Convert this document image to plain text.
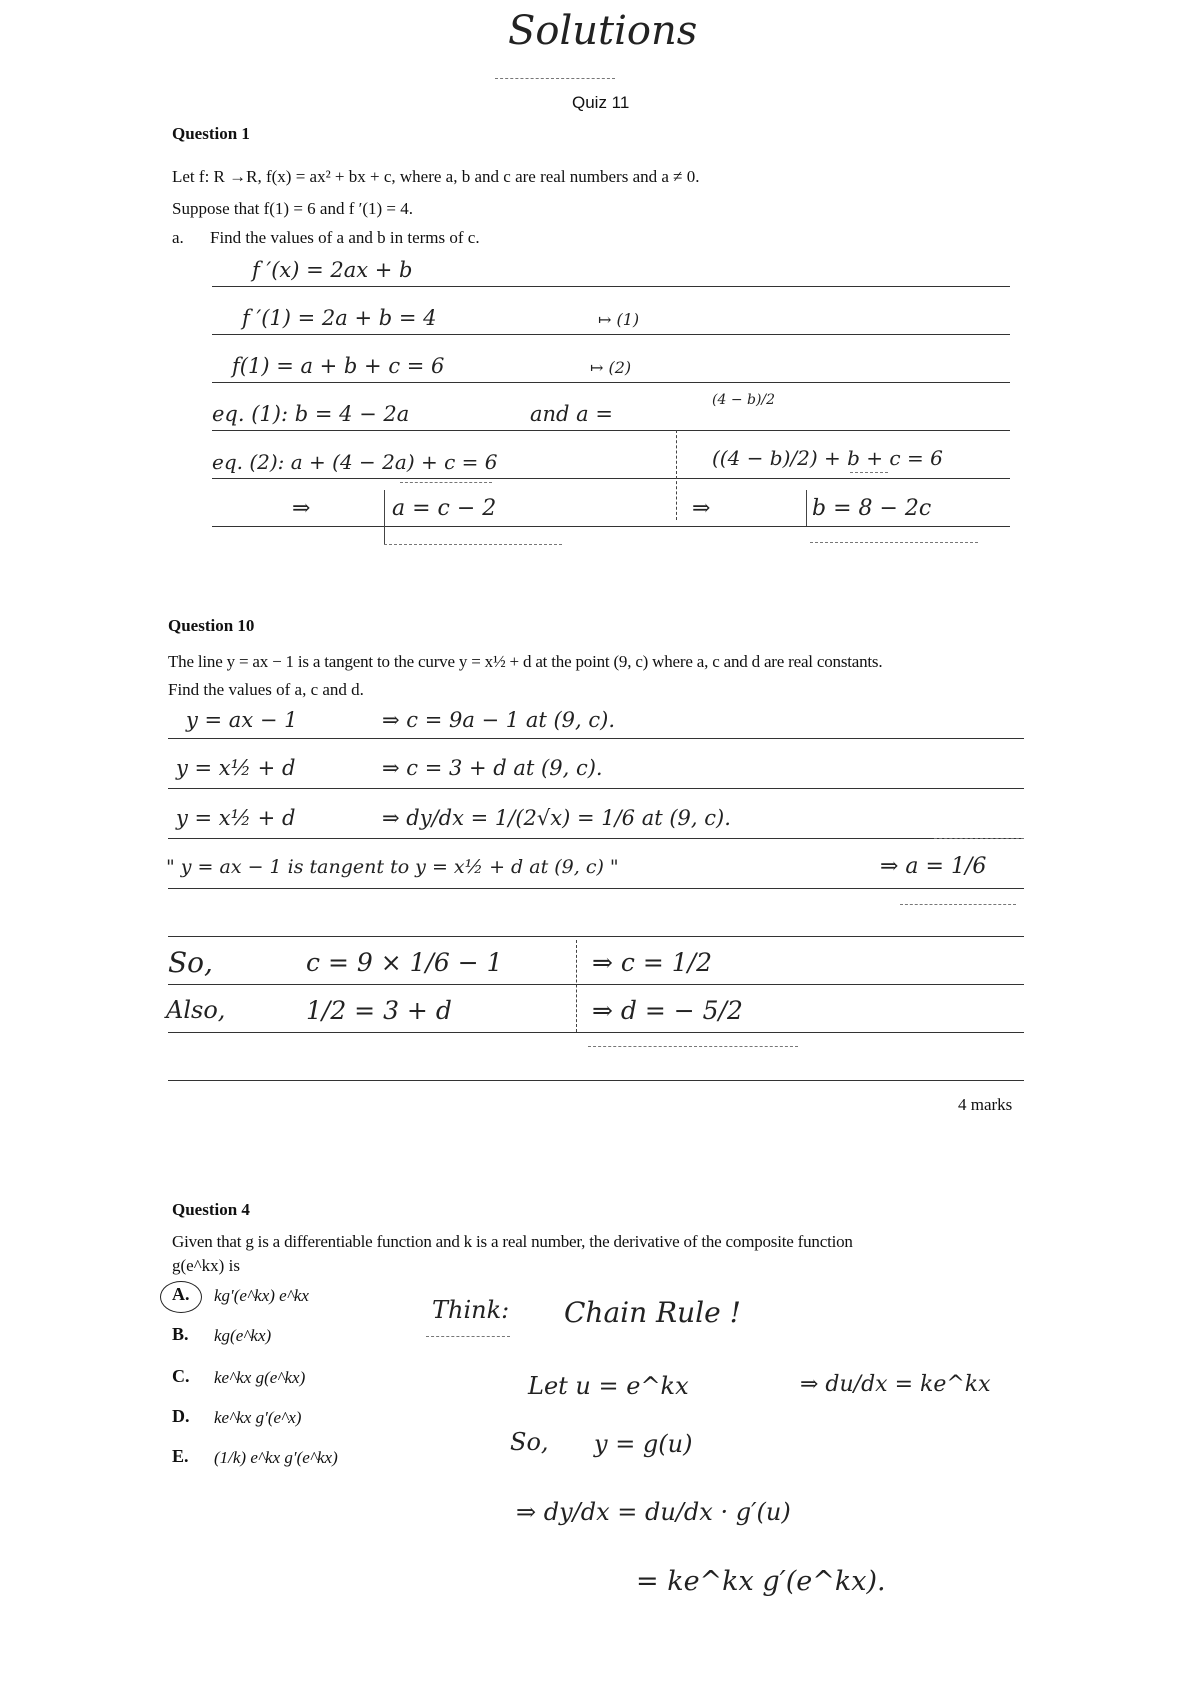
Solutions
Quiz 11
Question 1
Let f: R →R, f(x) = ax² + bx + c, where a, b and c are real numbers and a ≠ 0.
Suppose that f(1) = 6 and f ′(1) = 4.
a. Find the values of a and b in terms of c.
f ′(x) = 2ax + b
f ′(1) = 2a + b = 4	↦ (1)
f(1) = a + b + c = 6	↦ (2)
eq. (1): b = 4 − 2a	and a =
(4 − b)/2
eq. (2): a + (4 − 2a) + c = 6	((4 − b)/2) + b + c = 6
⇒	a = c − 2	⇒	b = 8 − 2c
Question 10
The line y = ax − 1 is a tangent to the curve y = x½ + d at the point (9, c) where a, c and d are real constants.
Find the values of a, c and d.
y = ax − 1	⇒ c = 9a − 1 at (9, c).
y = x½ + d	⇒ c = 3 + d at (9, c).
y = x½ + d	⇒ dy/dx = 1/(2√x) = 1/6 at (9, c).
" y = ax − 1 is tangent to y = x½ + d at (9, c) "	⇒ a = 1/6
So,	c = 9 × 1/6 − 1	⇒ c = 1/2
Also,	1/2 = 3 + d	⇒ d = − 5/2
4 marks
Question 4
Given that g is a differentiable function and k is a real number, the derivative of the composite function
g(e^kx) is
A. kg′(e^kx) e^kx
B. kg(e^kx)
C. ke^kx g(e^kx)
D. ke^kx g′(e^x)
E. (1/k) e^kx g′(e^kx)
Think: Chain Rule !
Let u = e^kx	⇒ du/dx = ke^kx
So, y = g(u)
⇒ dy/dx = du/dx · g′(u)
= ke^kx g′(e^kx).
